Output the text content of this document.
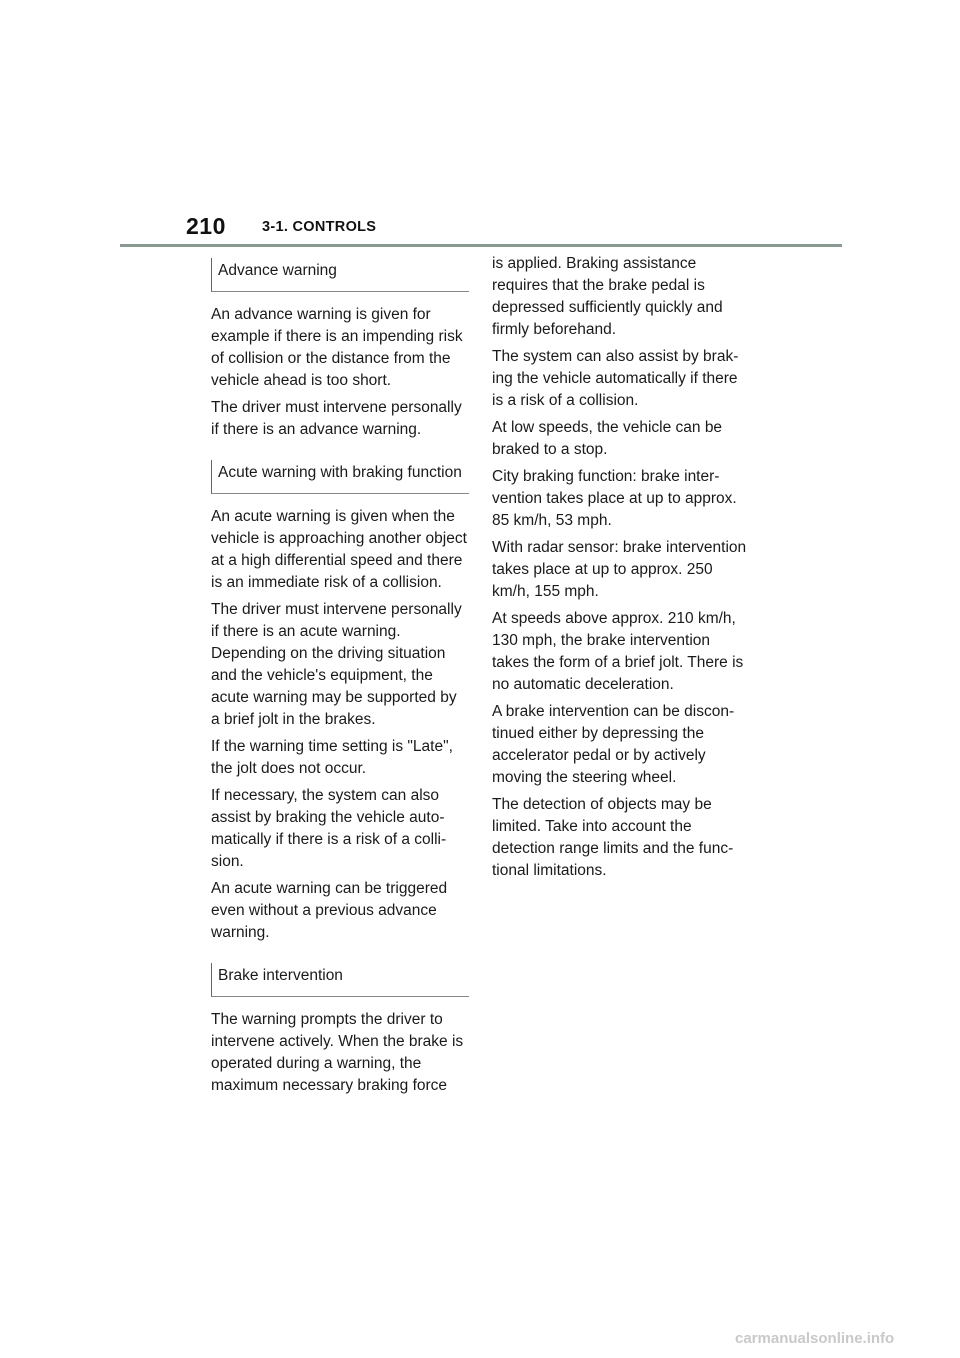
210 3-1. CONTROLS
Advance warning

An advance warning is given for example if there is an impending risk of collision or the distance from the vehicle ahead is too short.

The driver must intervene personally if there is an advance warning.

Acute warning with braking function

An acute warning is given when the vehicle is approaching another object at a high differential speed and there is an immediate risk of a collision.

The driver must intervene personally if there is an acute warning. Depending on the driving situation and the vehicle's equipment, the acute warning may be supported by a brief jolt in the brakes.

If the warning time setting is "Late", the jolt does not occur.

If necessary, the system can also assist by braking the vehicle automatically if there is a risk of a collision.

An acute warning can be triggered even without a previous advance warning.

Brake intervention

The warning prompts the driver to intervene actively. When the brake is operated during a warning, the maximum necessary braking force

is applied. Braking assistance requires that the brake pedal is depressed sufficiently quickly and firmly beforehand.

The system can also assist by braking the vehicle automatically if there is a risk of a collision.

At low speeds, the vehicle can be braked to a stop.

City braking function: brake intervention takes place at up to approx. 85 km/h, 53 mph.

With radar sensor: brake intervention takes place at up to approx. 250 km/h, 155 mph.

At speeds above approx. 210 km/h, 130 mph, the brake intervention takes the form of a brief jolt. There is no automatic deceleration.

A brake intervention can be discontinued either by depressing the accelerator pedal or by actively moving the steering wheel.

The detection of objects may be limited. Take into account the detection range limits and the functional limitations.

carmanualsonline.info
